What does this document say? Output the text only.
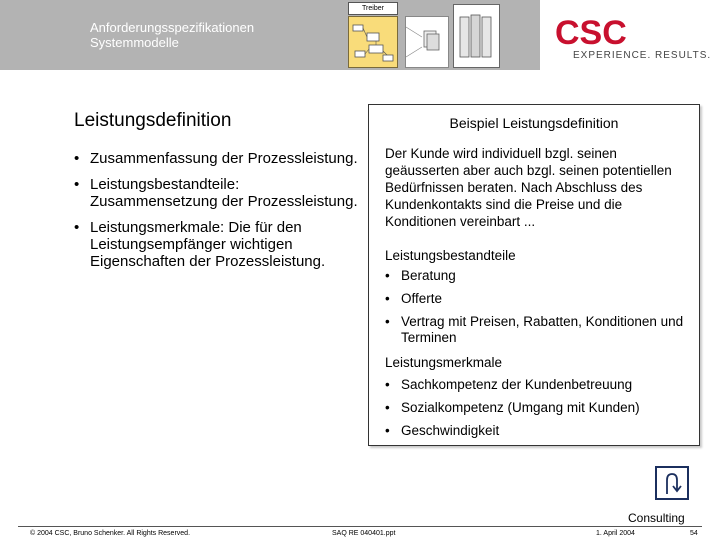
Anforderungsspezifikationen
Systemmodelle
Treiber
CSC
EXPERIENCE. RESULTS.
Leistungsdefinition
• Zusammenfassung der Prozessleistung.
• Leistungsbestandteile: Zusammensetzung der Prozessleistung.
• Leistungsmerkmale: Die für den Leistungsempfänger wichtigen Eigenschaften der Prozessleistung.
Beispiel Leistungsdefinition
Der Kunde wird individuell bzgl. seinen geäusserten aber auch bzgl. seinen potentiellen Bedürfnissen beraten. Nach Abschluss des Kundenkontakts sind die Preise und die Konditionen vereinbart ...
Leistungsbestandteile
• Beratung
• Offerte
• Vertrag mit Preisen, Rabatten, Konditionen und Terminen
Leistungsmerkmale
• Sachkompetenz der Kundenbetreuung
• Sozialkompetenz (Umgang mit Kunden)
• Geschwindigkeit
Consulting
© 2004 CSC, Bruno Schenker. All Rights Reserved.	SAQ RE 040401.ppt	1. April 2004	54
